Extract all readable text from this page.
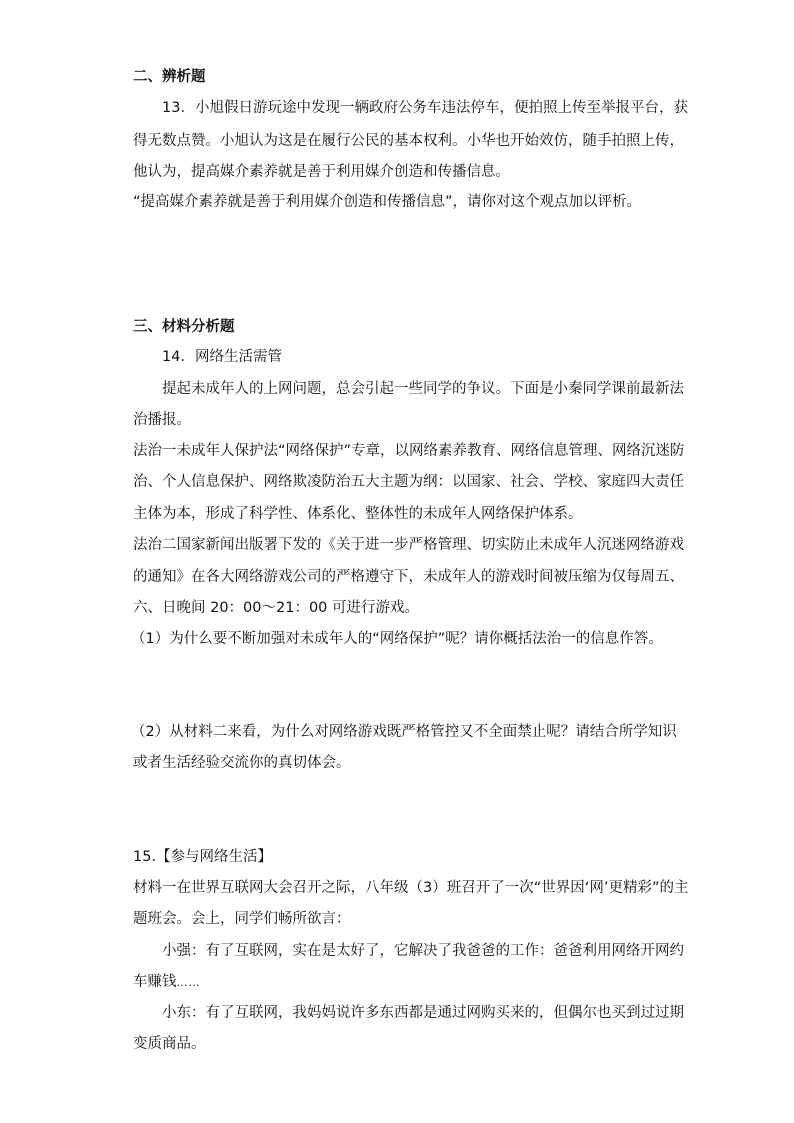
二、辨析题

13．小旭假日游玩途中发现一辆政府公务车违法停车，便拍照上传至举报平台，获

得无数点赞。小旭认为这是在履行公民的基本权利。小华也开始效仿，随手拍照上传，

他认为，提高媒介素养就是善于利用媒介创造和传播信息。

“提高媒介素养就是善于利用媒介创造和传播信息”，请你对这个观点加以评析。

三、材料分析题

14．网络生活需管

提起未成年人的上网问题，总会引起一些同学的争议。下面是小秦同学课前最新法

治播报。

法治一未成年人保护法“网络保护”专章，以网络素养教育、网络信息管理、网络沉迷防

治、个人信息保护、网络欺凌防治五大主题为纲：以国家、社会、学校、家庭四大责任

主体为本，形成了科学性、体系化、整体性的未成年人网络保护体系。

法治二国家新闻出版署下发的《关于进一步严格管理、切实防止未成年人沉迷网络游戏

的通知》在各大网络游戏公司的严格遵守下，未成年人的游戏时间被压缩为仅每周五、

六、日晚间 20：00～21：00 可进行游戏。

（1）为什么要不断加强对未成年人的“网络保护”呢？请你概括法治一的信息作答。

（2）从材料二来看，为什么对网络游戏既严格管控又不全面禁止呢？请结合所学知识

或者生活经验交流你的真切体会。

15.【参与网络生活】

材料一在世界互联网大会召开之际，八年级（3）班召开了一次“世界因‘网’更精彩”的主

题班会。会上，同学们畅所欲言：

小强：有了互联网，实在是太好了，它解决了我爸爸的工作：爸爸利用网络开网约

车赚钱……

小东：有了互联网，我妈妈说许多东西都是通过网购买来的，但偶尔也买到过过期

变质商品。
